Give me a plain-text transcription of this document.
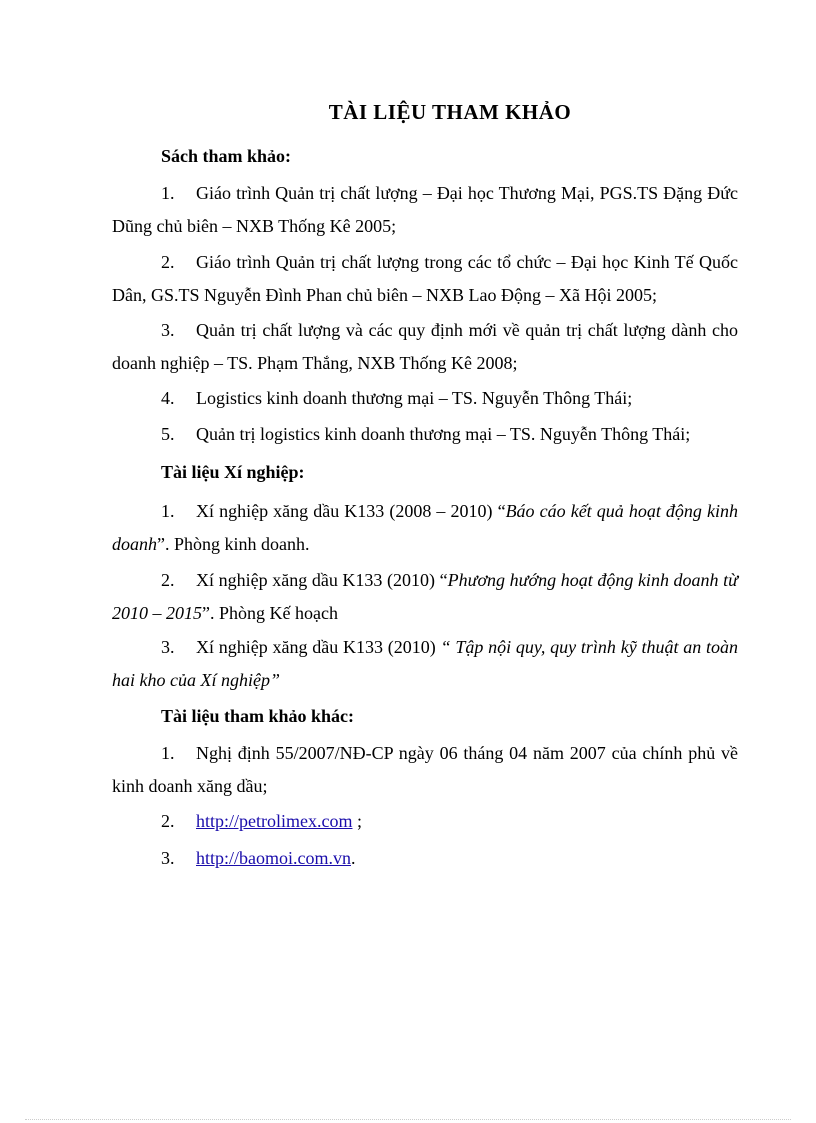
TÀI LIỆU THAM KHẢO
Sách tham khảo:
1. Giáo trình Quản trị chất lượng – Đại học Thương Mại, PGS.TS Đặng Đức Dũng chủ biên – NXB Thống Kê 2005;
2. Giáo trình Quản trị chất lượng trong các tổ chức – Đại học Kinh Tế Quốc Dân, GS.TS Nguyễn Đình Phan chủ biên – NXB Lao Động – Xã Hội 2005;
3. Quản trị chất lượng và các quy định mới về quản trị chất lượng dành cho doanh nghiệp – TS. Phạm Thắng, NXB Thống Kê 2008;
4. Logistics kinh doanh thương mại – TS. Nguyễn Thông Thái;
5. Quản trị logistics kinh doanh thương mại – TS. Nguyễn Thông Thái;
Tài liệu Xí nghiệp:
1. Xí nghiệp xăng dầu K133 (2008 – 2010) “Báo cáo kết quả hoạt động kinh doanh”. Phòng kinh doanh.
2. Xí nghiệp xăng dầu K133 (2010) “Phương hướng hoạt động kinh doanh từ 2010 – 2015”. Phòng Kế hoạch
3. Xí nghiệp xăng dầu K133 (2010) “ Tập nội quy, quy trình kỹ thuật an toàn hai kho của Xí nghiệp”
Tài liệu tham khảo khác:
1. Nghị định 55/2007/NĐ-CP ngày 06 tháng 04 năm 2007 của chính phủ về kinh doanh xăng dầu;
2. http://petrolimex.com ;
3. http://baomoi.com.vn.
